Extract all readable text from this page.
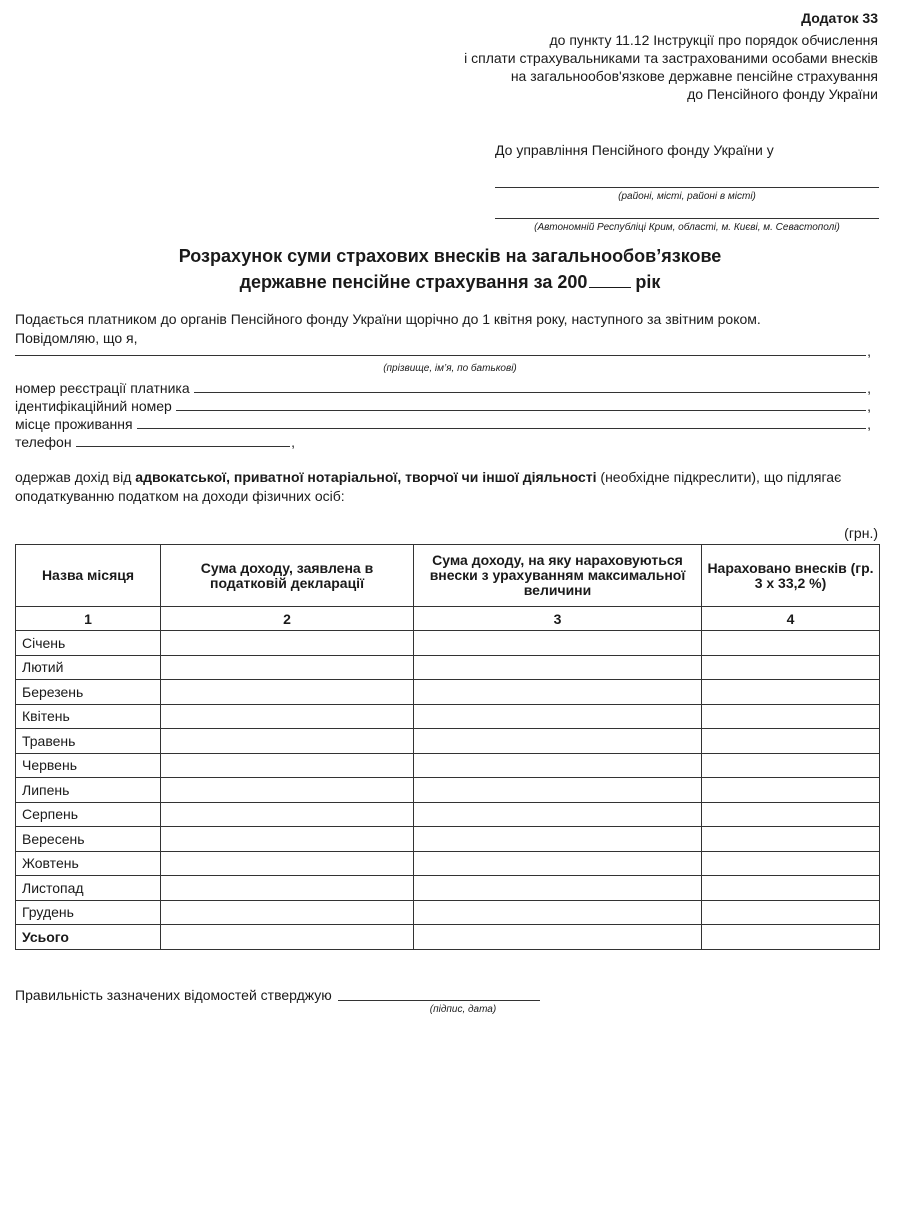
Додаток 33
до пункту 11.12 Інструкції про порядок обчислення
і сплати страхувальниками та застрахованими особами внесків
на загальнообов'язкове державне пенсійне страхування
до Пенсійного фонду України
До управління Пенсійного фонду України у
(районі, місті, районі в місті)
(Автономній Республіці Крим, області, м. Києві, м. Севастополі)
Розрахунок суми страхових внесків на загальнообов’язкове
державне пенсійне страхування за 200	рік
Подається платником до органів Пенсійного фонду України щорічно до 1 квітня року, наступного за звітним роком.
Повідомляю, що я,
,
(прізвище, ім’я, по батькові)
номер реєстрації платника	,
ідентифікаційний номер	,
місце проживання	,
телефон	,
одержав дохід від адвокатської, приватної нотаріальної, творчої чи іншої діяльності (необхідне підкреслити), що підлягає оподаткуванню податком на доходи фізичних осіб:
(грн.)
Назва місяця	Сума доходу, заявлена в податковій декларації	Сума доходу, на яку нараховуються внески з урахуванням максимальної величини	Нараховано внесків (гр. 3 х 33,2 %)
1	2	3	4
Січень			
Лютий			
Березень			
Квітень			
Травень			
Червень			
Липень			
Серпень			
Вересень			
Жовтень			
Листопад			
Грудень			
Усього			
Правильність зазначених відомостей стверджую
(підпис, дата)
